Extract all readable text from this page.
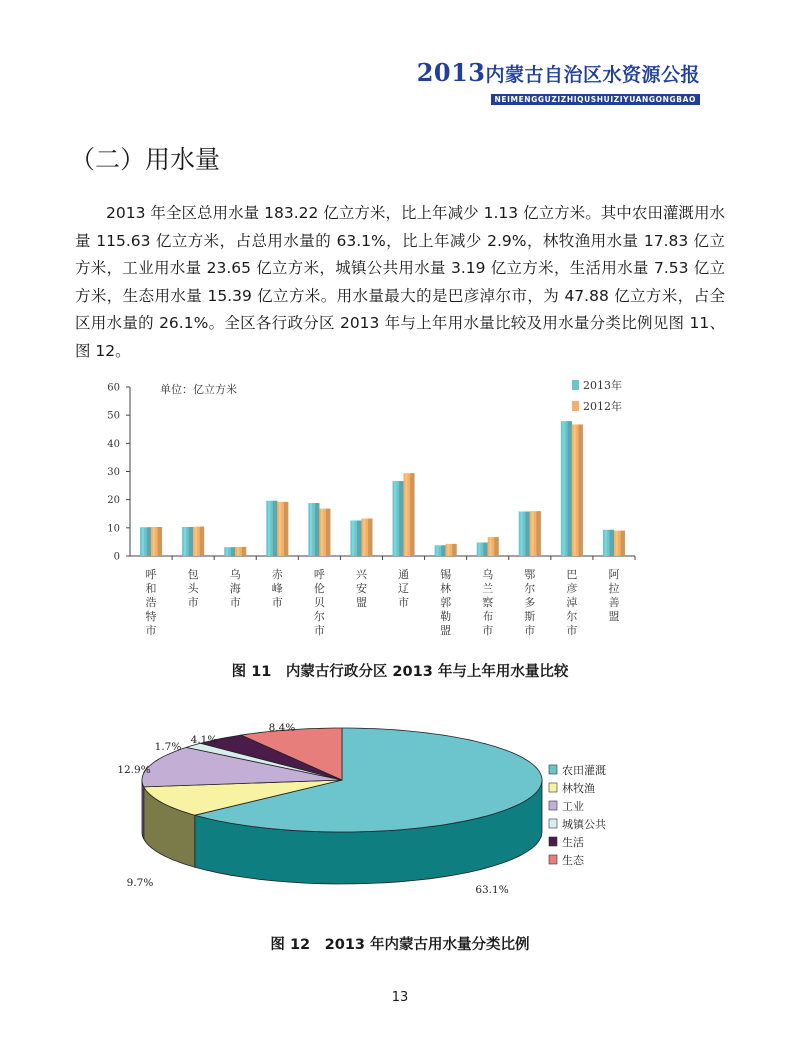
2013内蒙古自治区水资源公报
NEIMENGGUZIZHIQUSHUIZIYUANGONGBAO
（二）用水量
2013 年全区总用水量 183.22 亿立方米，比上年减少 1.13 亿立方米。其中农田灌溉用水量 115.63 亿立方米，占总用水量的 63.1%，比上年减少 2.9%，林牧渔用水量 17.83 亿立方米，工业用水量 23.65 亿立方米，城镇公共用水量 3.19 亿立方米，生活用水量 7.53 亿立方米，生态用水量 15.39 亿立方米。用水量最大的是巴彦淖尔市，为 47.88 亿立方米，占全区用水量的 26.1%。全区各行政分区 2013 年与上年用水量比较及用水量分类比例见图 11、图 12。
0
10
20
30
40
50
60	单位：亿立方米
呼和浩特市
包头市
乌海市
赤峰市
呼伦贝尔市
兴安盟
通辽市
锡林郭勒盟
乌兰察布市
鄂尔多斯市
巴彦淖尔市
阿拉善盟
2013年
2012年
图 11　内蒙古行政分区 2013 年与上年用水量比较
63.1%
9.7%
12.9%
1.7%
4.1%
8.4%
农田灌溉
林牧渔
工业
城镇公共
生活
生态
图 12　2013 年内蒙古用水量分类比例
13
